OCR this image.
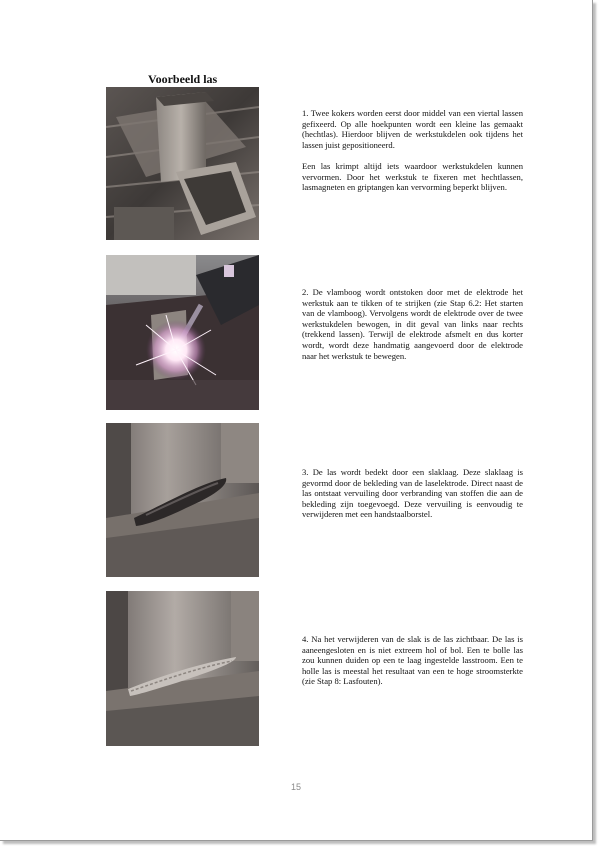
Voorbeeld las

1. Twee kokers worden eerst door middel van een viertal lassen gefixeerd. Op alle hoekpunten wordt een kleine las gemaakt (hechtlas). Hierdoor blijven de werkstukdelen ook tijdens het lassen juist gepositioneerd.

Een las krimpt altijd iets waardoor werkstukdelen kunnen vervormen. Door het werkstuk te fixeren met hechtlassen, lasmagneten en griptangen kan vervorming beperkt blijven.

2. De vlamboog wordt ontstoken door met de elektrode het werkstuk aan te tikken of te strijken (zie Stap 6.2: Het starten van de vlamboog). Vervolgens wordt de elektrode over de twee werkstukdelen bewogen, in dit geval van links naar rechts (trekkend lassen). Terwijl de elektrode afsmelt en dus korter wordt, wordt deze handmatig aangevoerd door de elektrode naar het werkstuk te bewegen.

3. De las wordt bedekt door een slaklaag. Deze slaklaag is gevormd door de bekleding van de laselektrode. Direct naast de las ontstaat vervuiling door verbranding van stoffen die aan de bekleding zijn toegevoegd. Deze vervuiling is eenvoudig te verwijderen met een handstaalborstel.

4. Na het verwijderen van de slak is de las zichtbaar. De las is aaneengesloten en is niet extreem hol of bol. Een te bolle las zou kunnen duiden op een te laag ingestelde lasstroom. Een te holle las is meestal het resultaat van een te hoge stroomsterkte (zie Stap 8: Lasfouten).

15
